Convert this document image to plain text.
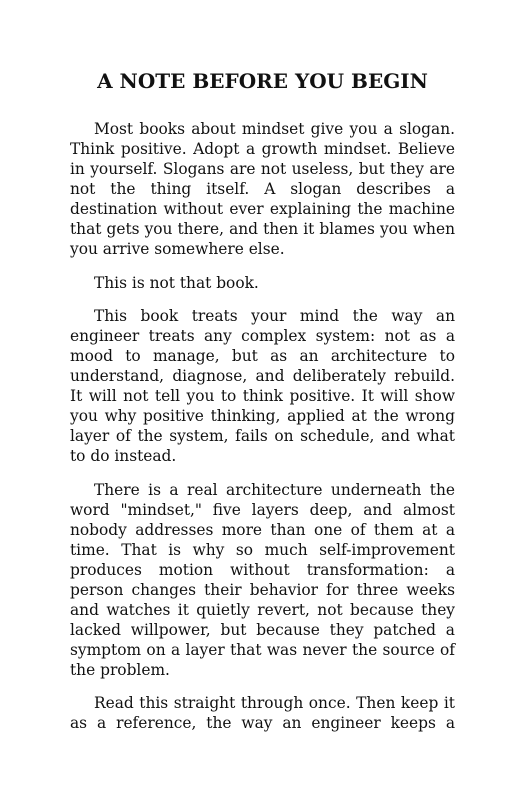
A NOTE BEFORE YOU BEGIN

Most books about mindset give you a slogan. Think positive. Adopt a growth mindset. Believe in yourself. Slogans are not useless, but they are not the thing itself. A slogan describes a destination without ever explaining the machine that gets you there, and then it blames you when you arrive somewhere else.

This is not that book.

This book treats your mind the way an engineer treats any complex system: not as a mood to manage, but as an architecture to understand, diagnose, and deliberately rebuild. It will not tell you to think positive. It will show you why positive thinking, applied at the wrong layer of the system, fails on schedule, and what to do instead.

There is a real architecture underneath the word "mindset," five layers deep, and almost nobody addresses more than one of them at a time. That is why so much self-improvement produces motion without transformation: a person changes their behavior for three weeks and watches it quietly revert, not because they lacked willpower, but because they patched a symptom on a layer that was never the source of the problem.

Read this straight through once. Then keep it as a reference, the way an engineer keeps a
